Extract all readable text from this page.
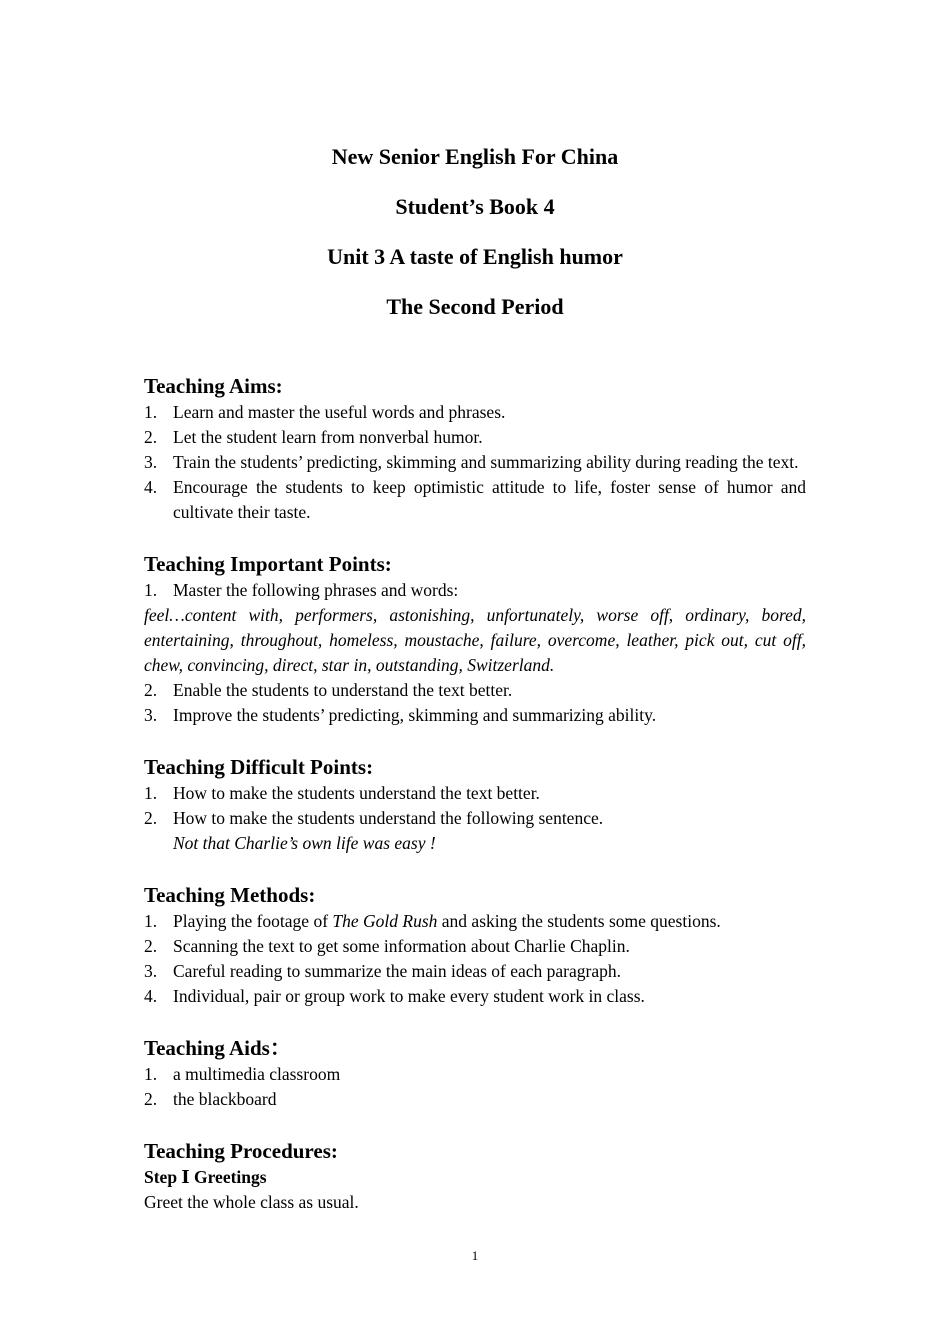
New Senior English For China
Student’s Book 4
Unit 3 A taste of English humor
The Second Period
Teaching Aims:
1. Learn and master the useful words and phrases.
2. Let the student learn from nonverbal humor.
3. Train the students’ predicting, skimming and summarizing ability during reading the text.
4. Encourage the students to keep optimistic attitude to life, foster sense of humor and cultivate their taste.
Teaching Important Points:
1. Master the following phrases and words:
feel…content with, performers, astonishing, unfortunately, worse off, ordinary, bored, entertaining, throughout, homeless, moustache, failure, overcome, leather, pick out, cut off, chew, convincing, direct, star in, outstanding, Switzerland.
2. Enable the students to understand the text better.
3. Improve the students’ predicting, skimming and summarizing ability.
Teaching Difficult Points:
1. How to make the students understand the text better.
2. How to make the students understand the following sentence.
Not that Charlie’s own life was easy !
Teaching Methods:
1. Playing the footage of The Gold Rush and asking the students some questions.
2. Scanning the text to get some information about Charlie Chaplin.
3. Careful reading to summarize the main ideas of each paragraph.
4. Individual, pair or group work to make every student work in class.
Teaching Aids：
1. a multimedia classroom
2. the blackboard
Teaching Procedures:
Step Ⅰ Greetings
Greet the whole class as usual.
1
